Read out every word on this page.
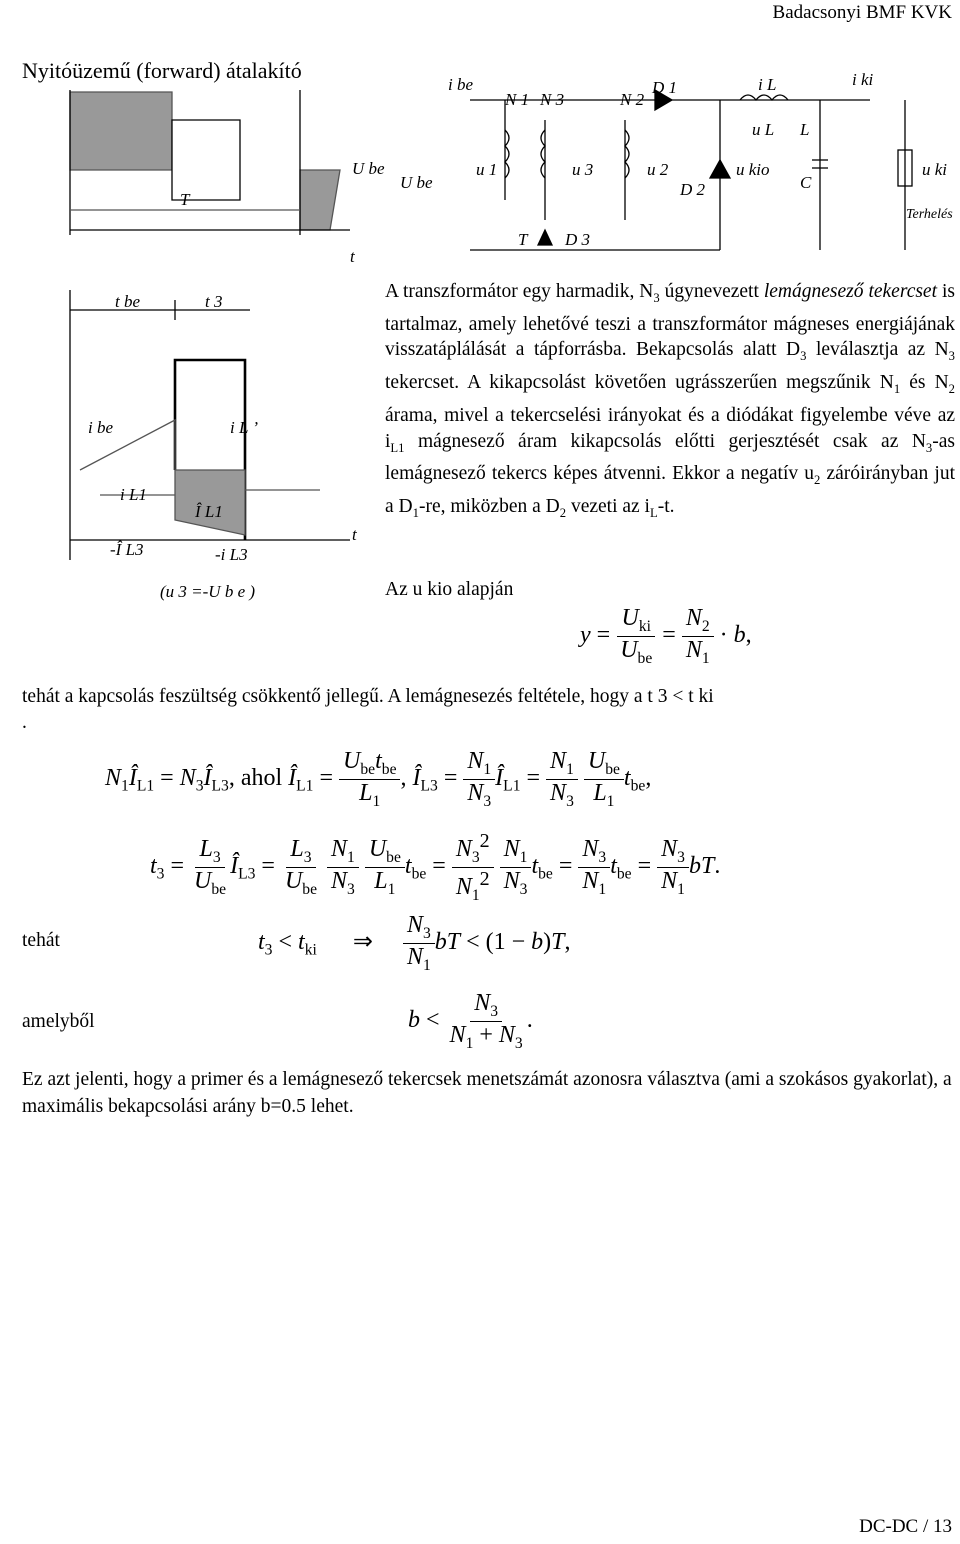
Badacsonyi BMF KVK
Nyitóüzemű (forward) átalakító
U be
t
T
U be
i be
N 1 N 3	N 2
D 1
D 2
D 3
T
i L
u L L
C
i ki
u 1	u 3	u 2	u kio	u ki
Terhelés
t be	t 3
i be	i L ’
i L1
Î L1
-Î L3	-i L3
t
(u 3 =-U b e )

A transzformátor egy harmadik, $N_3$ úgynevezett lemágnesező tekercset is tartalmaz, amely lehetővé teszi a transzformátor mágneses energiájának visszatáplálását a tápforrásba. Bekapcsolás alatt $D_3$ leválasztja az $N_3$ tekercset. A kikapcsolást követően ugrásszerűen megszűnik $N_1$ és $N_2$ árama, mivel a tekercselési irányokat és a diódákat figyelembe véve az $i_{L1}$ mágnesező áram kikapcsolás előtti gerjesztését csak az $N_3-as$ lemágnesező tekercs képes átvenni. Ekkor a negatív $u_2$ záróirányban jut a $D_1-re$, miközben a $D_2$ vezeti az $i_L-t$.

Az u kio alapján
$y = \frac{U_{ki}}{U_{be}} = \frac{N_2}{N_1} \cdot b$,
tehát a kapcsolás feszültség csökkentő jellegű. A lemágnesezés feltétele, hogy a t 3 < t ki
.
$N_1Î_{L1}$ = $N_3Î_{L3}$, ahol $Î_{L1} = \frac{U_{be}t_{be}}{L_1}$ , $Î_{L3} = \frac{N_1}{N_3}$ $Î_{L1} = \frac{N_1}{N_3}$
$\frac{U_{be}}{L_1} t_{be}$,
$t_3 = \frac{L_3}{U_{be}}$ $Î_{L3} = \frac{L_3}{U_{be}}$
$\frac{N_1}{N_3}$
$\frac{U_{be}}{L_1} t_{be} = \frac{N_3^2}{N_1^2}$
$\frac{N_1}{N_3} t_{be} = \frac{N_3}{N_1} t_{be} = \frac{N_3}{N_1}$ bT.
tehát	$t_3 < t_{ki}$      ⇒ $\frac{N_3}{N_1}$ bT < (1 − b)T,
amelyből	$b < \frac{N_3}{N_1 + N_3}$ .
Ez azt jelenti, hogy a primer és a lemágnesező tekercsek menetszámát azonosra választva (ami a szokásos gyakorlat), a maximális bekapcsolási arány b=0.5 lehet.
DC-DC / 13
